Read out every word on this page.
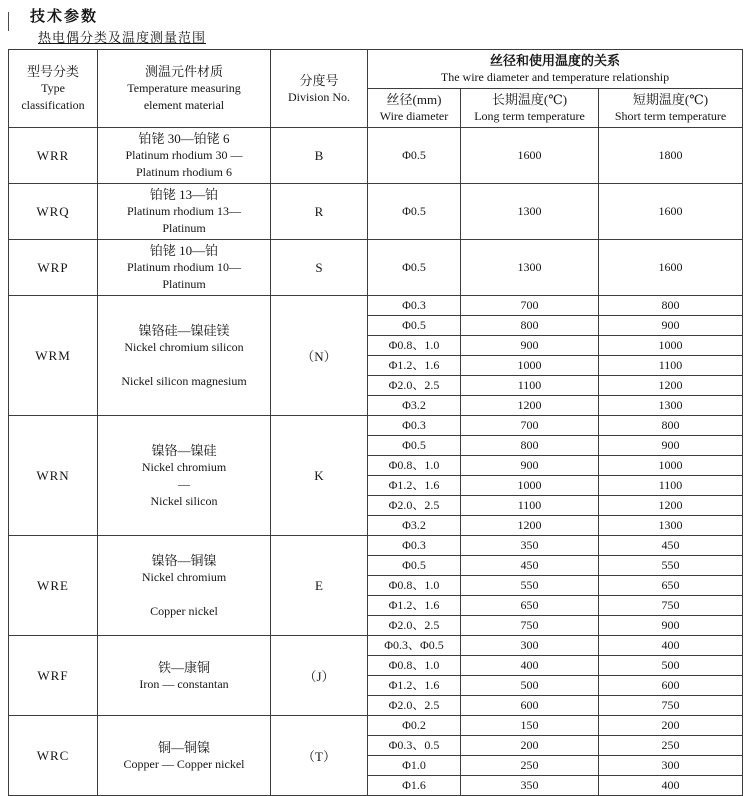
技术参数
热电偶分类及温度测量范围
型号分类
Type
classification

测温元件材质
Temperature measuring
element material

分度号
Division No.

丝径和使用温度的关系
The wire diameter and temperature relationship

丝径(mm)
Wire diameter

长期温度(℃)
Long term temperature

短期温度(℃)
Short term temperature

WRR	铂铑 30—铂铑 6
Platinum rhodium 30 —
Platinum rhodium 6	B	Φ0.5	1600	1800
WRQ	铂铑 13—铂
Platinum rhodium 13—
Platinum	R	Φ0.5	1300	1600
WRP	铂铑 10—铂
Platinum rhodium 10—
Platinum	S	Φ0.5	1300	1600
WRM	镍铬硅—镍硅镁
Nickel chromium silicon
Nickel silicon magnesium	（N）	Φ0.3	700	800
			Φ0.5	800	900
			Φ0.8、1.0	900	1000
			Φ1.2、1.6	1000	1100
			Φ2.0、2.5	1100	1200
			Φ3.2	1200	1300
WRN	镍铬—镍硅
Nickel chromium
—
Nickel silicon	K	Φ0.3	700	800
			Φ0.5	800	900
			Φ0.8、1.0	900	1000
			Φ1.2、1.6	1000	1100
			Φ2.0、2.5	1100	1200
			Φ3.2	1200	1300
WRE	镍铬—铜镍
Nickel chromium
Copper nickel	E	Φ0.3	350	450
			Φ0.5	450	550
			Φ0.8、1.0	550	650
			Φ1.2、1.6	650	750
			Φ2.0、2.5	750	900
WRF	铁—康铜
Iron — constantan	（J）	Φ0.3、Φ0.5	300	400
			Φ0.8、1.0	400	500
			Φ1.2、1.6	500	600
			Φ2.0、2.5	600	750
WRC	铜—铜镍
Copper — Copper nickel	（T）	Φ0.2	150	200
			Φ0.3、0.5	200	250
			Φ1.0	250	300
			Φ1.6	350	400
